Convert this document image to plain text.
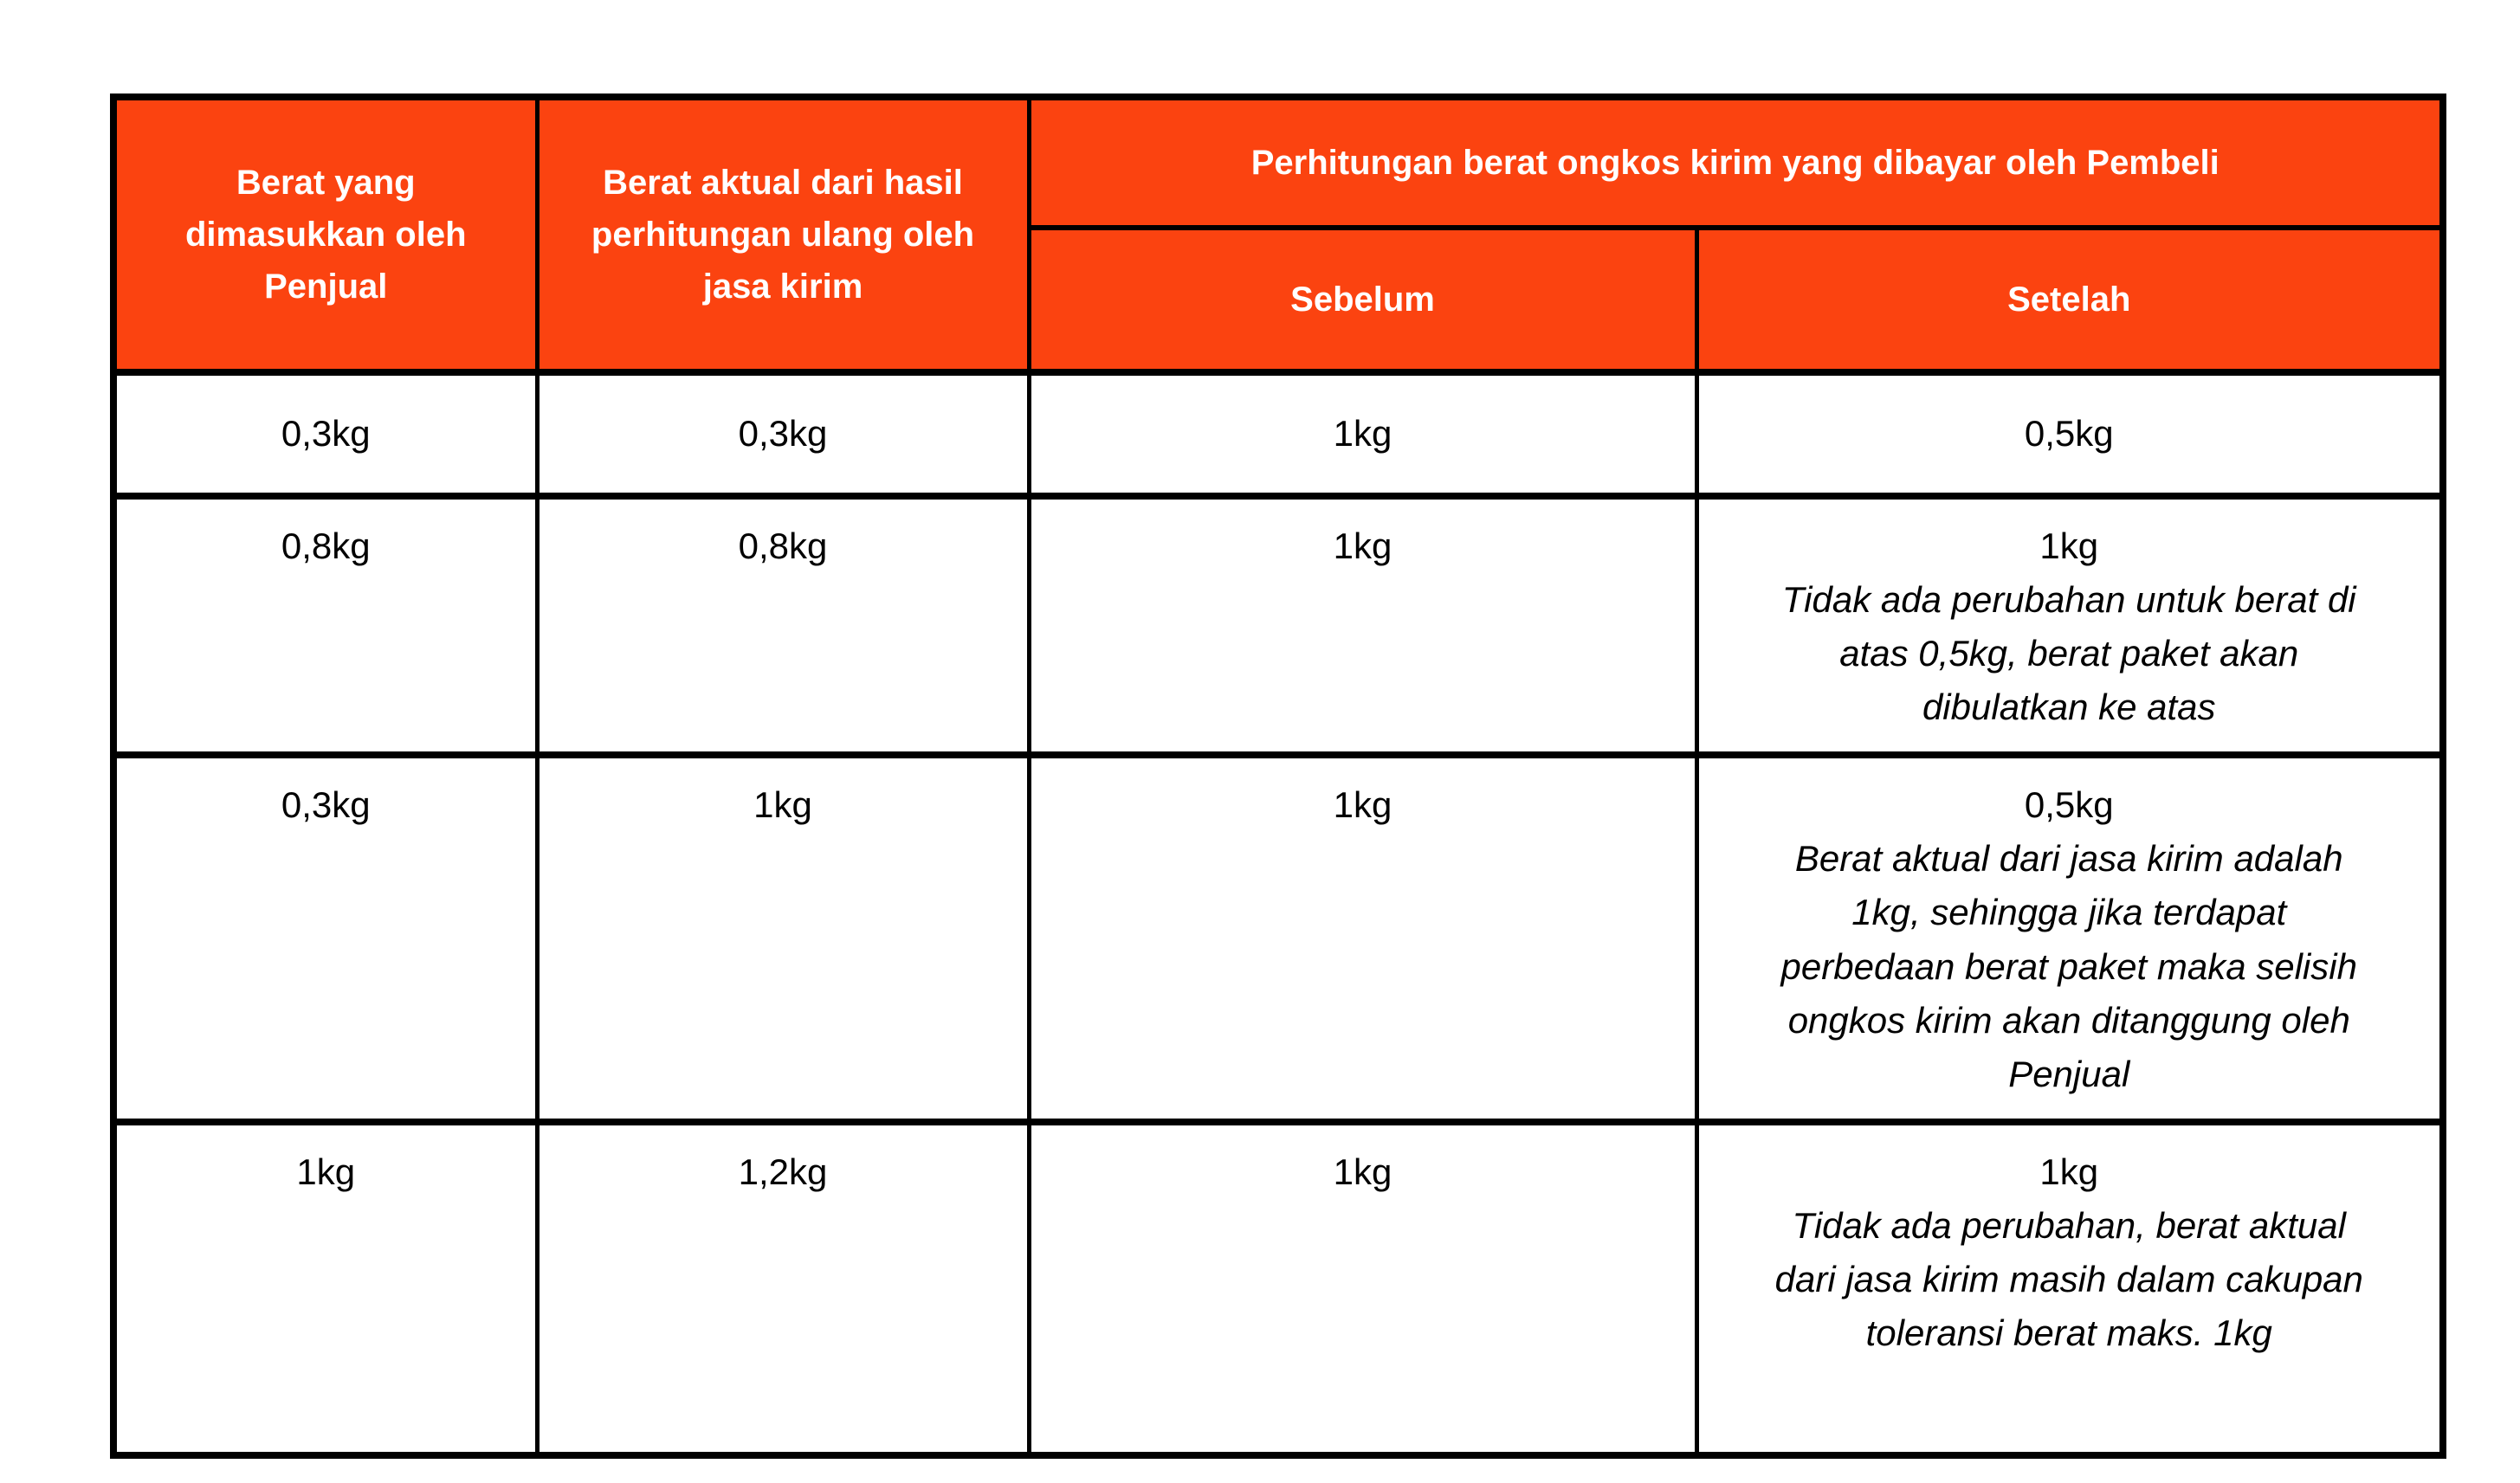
Berat yang dimasukkan oleh Penjual	Berat aktual dari hasil perhitungan ulang oleh jasa kirim	Perhitungan berat ongkos kirim yang dibayar oleh Pembeli	
		Sebelum	Setelah

0,3kg	0,3kg	1kg	0,5kg

0,8kg	0,8kg	1kg	1kg
Tidak ada perubahan untuk berat di atas 0,5kg, berat paket akan dibulatkan ke atas

0,3kg	1kg	1kg	0,5kg
Berat aktual dari jasa kirim adalah 1kg, sehingga jika terdapat perbedaan berat paket maka selisih ongkos kirim akan ditanggung oleh Penjual

1kg	1,2kg	1kg	1kg
Tidak ada perubahan, berat aktual dari jasa kirim masih dalam cakupan toleransi berat maks. 1kg
